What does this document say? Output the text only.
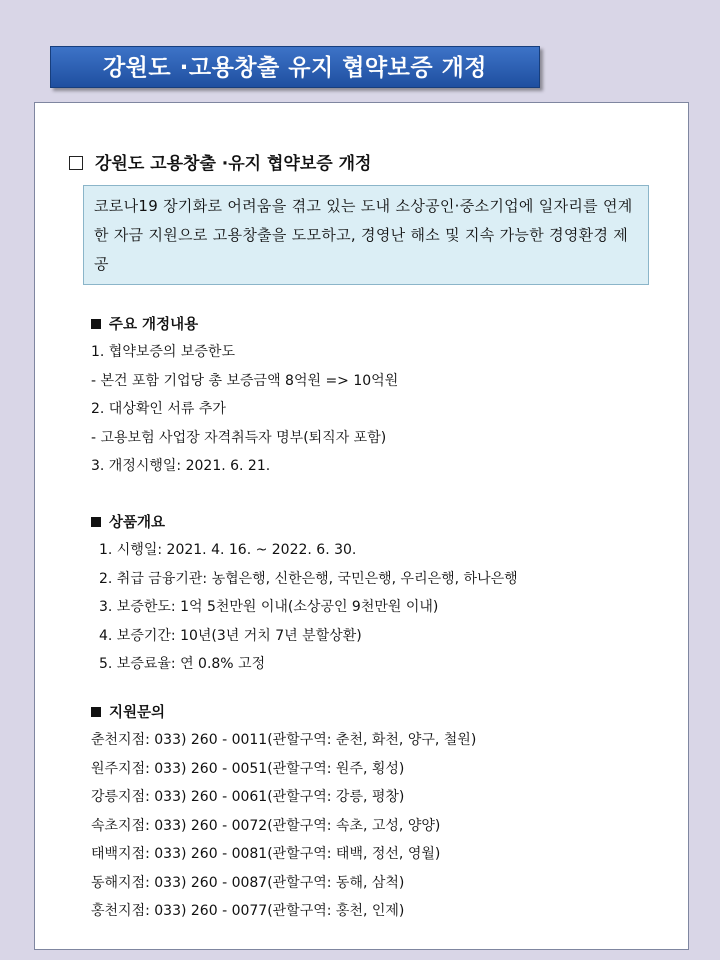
강원도 ·고용창출 유지 협약보증 개정
강원도 고용창출 ·유지 협약보증 개정
코로나19 장기화로 어려움을 겪고 있는 도내 소상공인·중소기업에 일자리를 연계한 자금 지원으로 고용창출을 도모하고, 경영난 해소 및 지속 가능한 경영환경 제공
주요 개정내용
1. 협약보증의 보증한도
- 본건 포함 기업당 총 보증금액 8억원 => 10억원
2. 대상확인 서류 추가
- 고용보험 사업장 자격취득자 명부(퇴직자 포함)
3. 개정시행일: 2021. 6. 21.
상품개요
1. 시행일: 2021. 4. 16. ~ 2022. 6. 30.
2. 취급 금융기관: 농협은행, 신한은행, 국민은행, 우리은행, 하나은행
3. 보증한도: 1억 5천만원 이내(소상공인 9천만원 이내)
4. 보증기간: 10년(3년 거치 7년 분할상환)
5. 보증료율: 연 0.8% 고정
지원문의
춘천지점: 033) 260 - 0011(관할구역: 춘천, 화천, 양구, 철원)
원주지점: 033) 260 - 0051(관할구역: 원주, 횡성)
강릉지점: 033) 260 - 0061(관할구역: 강릉, 평창)
속초지점: 033) 260 - 0072(관할구역: 속초, 고성, 양양)
태백지점: 033) 260 - 0081(관할구역: 태백, 정선, 영월)
동해지점: 033) 260 - 0087(관할구역: 동해, 삼척)
홍천지점: 033) 260 - 0077(관할구역: 홍천, 인제)
